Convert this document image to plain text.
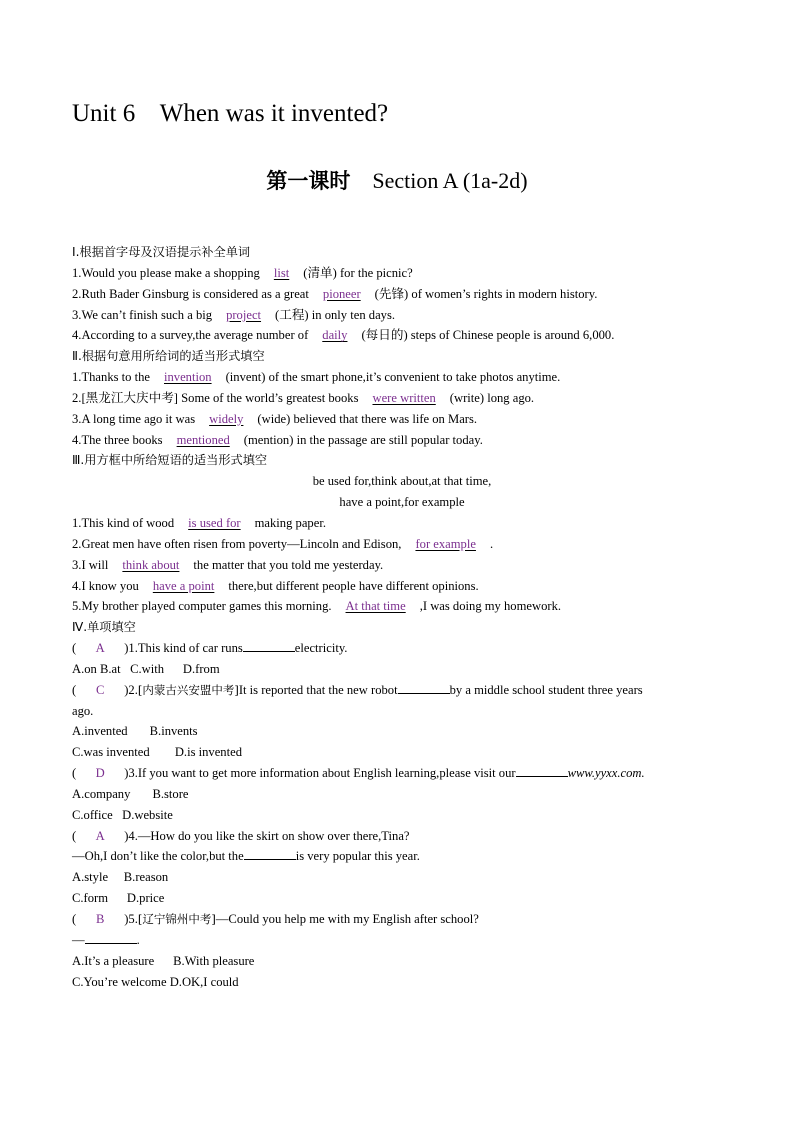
Unit 6    When was it invented?
第一课时    Section A (1a-2d)
Ⅰ.根据首字母及汉语提示补全单词
1.Would you please make a shopping list (清单) for the picnic?
2.Ruth Bader Ginsburg is considered as a great pioneer (先锋) of women’s rights in modern history.
3.We can’t finish such a big project (工程) in only ten days.
4.According to a survey,the average number of daily (每日的) steps of Chinese people is around 6,000.
Ⅱ.根据句意用所给词的适当形式填空
1.Thanks to the invention (invent) of the smart phone,it’s convenient to take photos anytime.
2.[黑龙江大庆中考] Some of the world’s greatest books were written (write) long ago.
3.A long time ago it was widely (wide) believed that there was life on Mars.
4.The three books mentioned (mention) in the passage are still popular today.
Ⅲ.用方框中所给短语的适当形式填空
be used for,think about,at that time,
have a point,for example
1.This kind of wood is used for making paper.
2.Great men have often risen from poverty—Lincoln and Edison, for example .
3.I will think about the matter that you told me yesterday.
4.I know you have a point there,but different people have different opinions.
5.My brother played computer games this morning. At that time ,I was doing my homework.
Ⅳ.单项填空
( A )1.This kind of car runs	electricity.
A.on B.at   C.with      D.from
( C )2.[内蒙古兴安盟中考]It is reported that the new robot	by a middle school student three years
ago.
A.invented       B.invents
C.was invented        D.is invented
( D )3.If you want to get more information about English learning,please visit our	www.yyxx.com.
A.company       B.store
C.office   D.website
( A )4.—How do you like the skirt on show over there,Tina?
—Oh,I don’t like the color,but the	is very popular this year.
A.style     B.reason
C.form      D.price
( B )5.[辽宁锦州中考]—Could you help me with my English after school?
—	.
A.It’s a pleasure      B.With pleasure
C.You’re welcome D.OK,I could
